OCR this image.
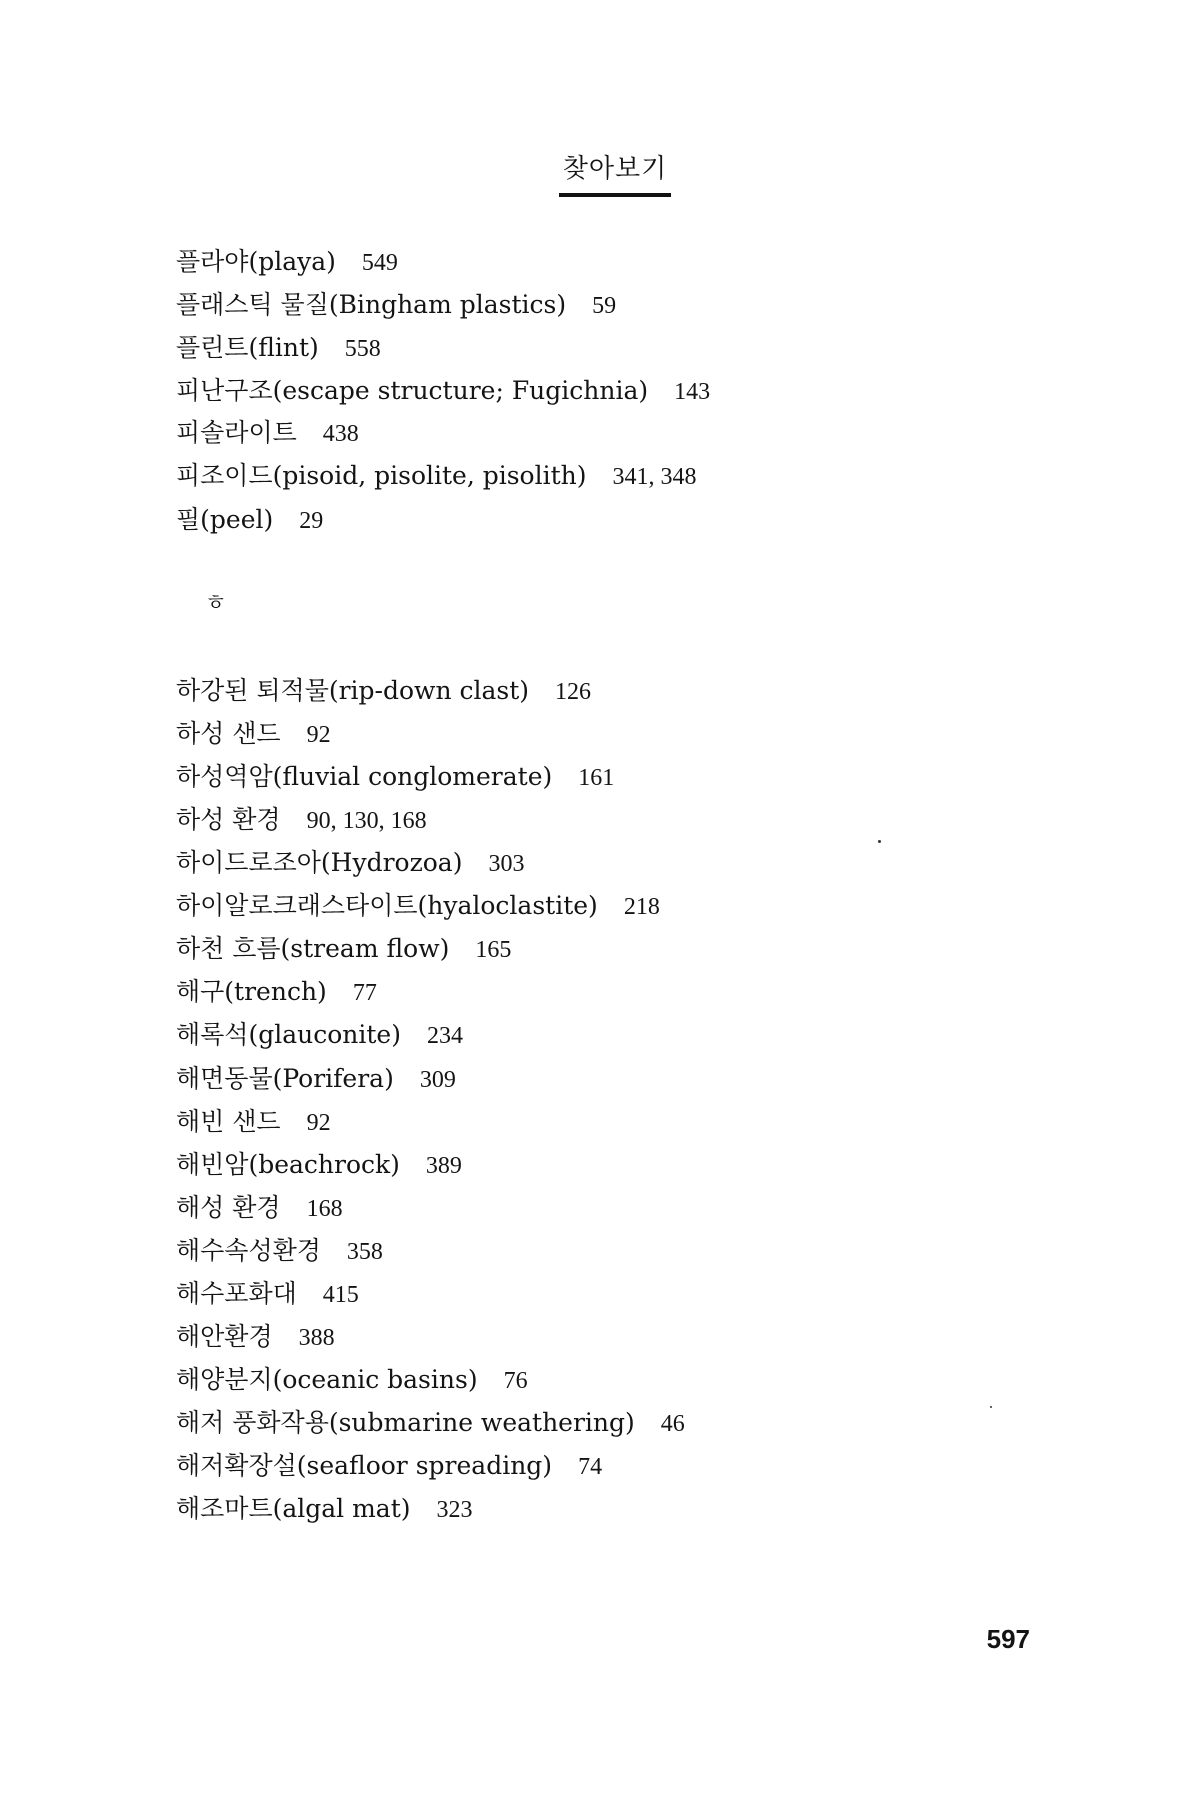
찾아보기
플라야(playa) 549
플래스틱 물질(Bingham plastics) 59
플린트(flint) 558
피난구조(escape structure; Fugichnia) 143
피솔라이트 438
피조이드(pisoid, pisolite, pisolith) 341, 348
필(peel) 29
하강된 퇴적물(rip-down clast) 126
하성 샌드 92
하성역암(fluvial conglomerate) 161
하성 환경 90, 130, 168
하이드로조아(Hydrozoa) 303
하이알로크래스타이트(hyaloclastite) 218
하천 흐름(stream flow) 165
해구(trench) 77
해록석(glauconite) 234
해면동물(Porifera) 309
해빈 샌드 92
해빈암(beachrock) 389
해성 환경 168
해수속성환경 358
해수포화대 415
해안환경 388
해양분지(oceanic basins) 76
해저 풍화작용(submarine weathering) 46
해저확장설(seafloor spreading) 74
해조마트(algal mat) 323
ㅎ
597
